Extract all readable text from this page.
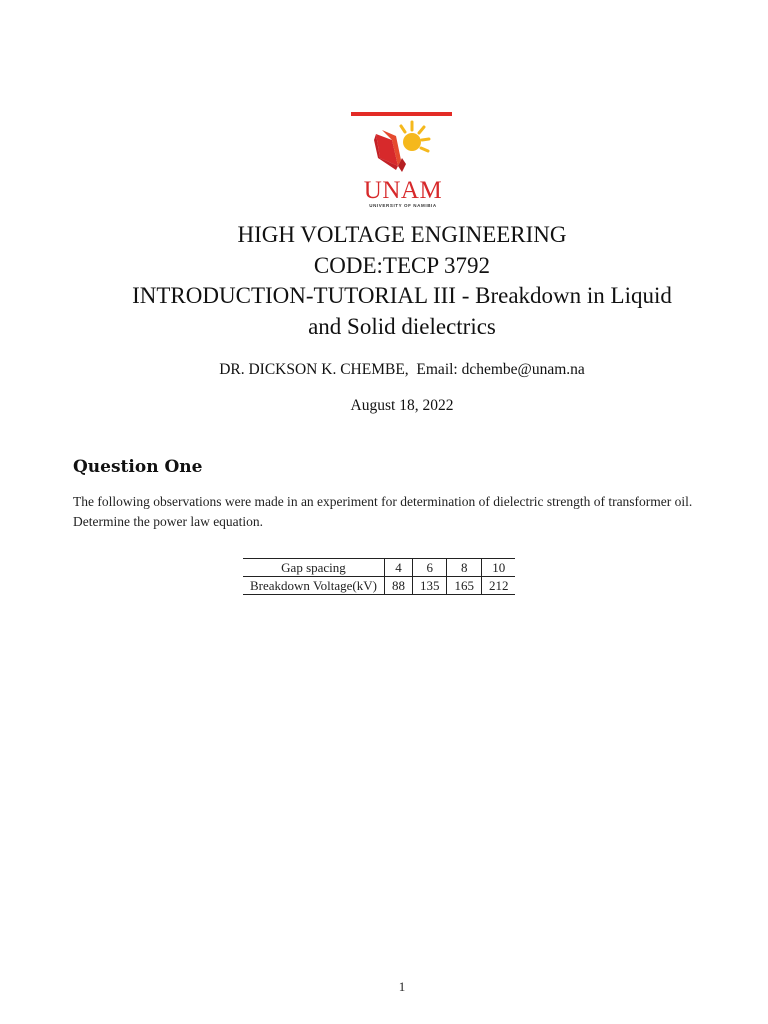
UNAM
UNIVERSITY OF NAMIBIA
HIGH VOLTAGE ENGINEERING
CODE:TECP 3792
INTRODUCTION-TUTORIAL III - Breakdown in Liquid
and Solid dielectrics
DR. DICKSON K. CHEMBE,  Email: dchembe@unam.na
August 18, 2022
Question One
The following observations were made in an experiment for determination of dielectric strength of transformer oil. Determine the power law equation.
Gap spacing	4	6	8	10
Breakdown Voltage(kV)	88	135	165	212
1
